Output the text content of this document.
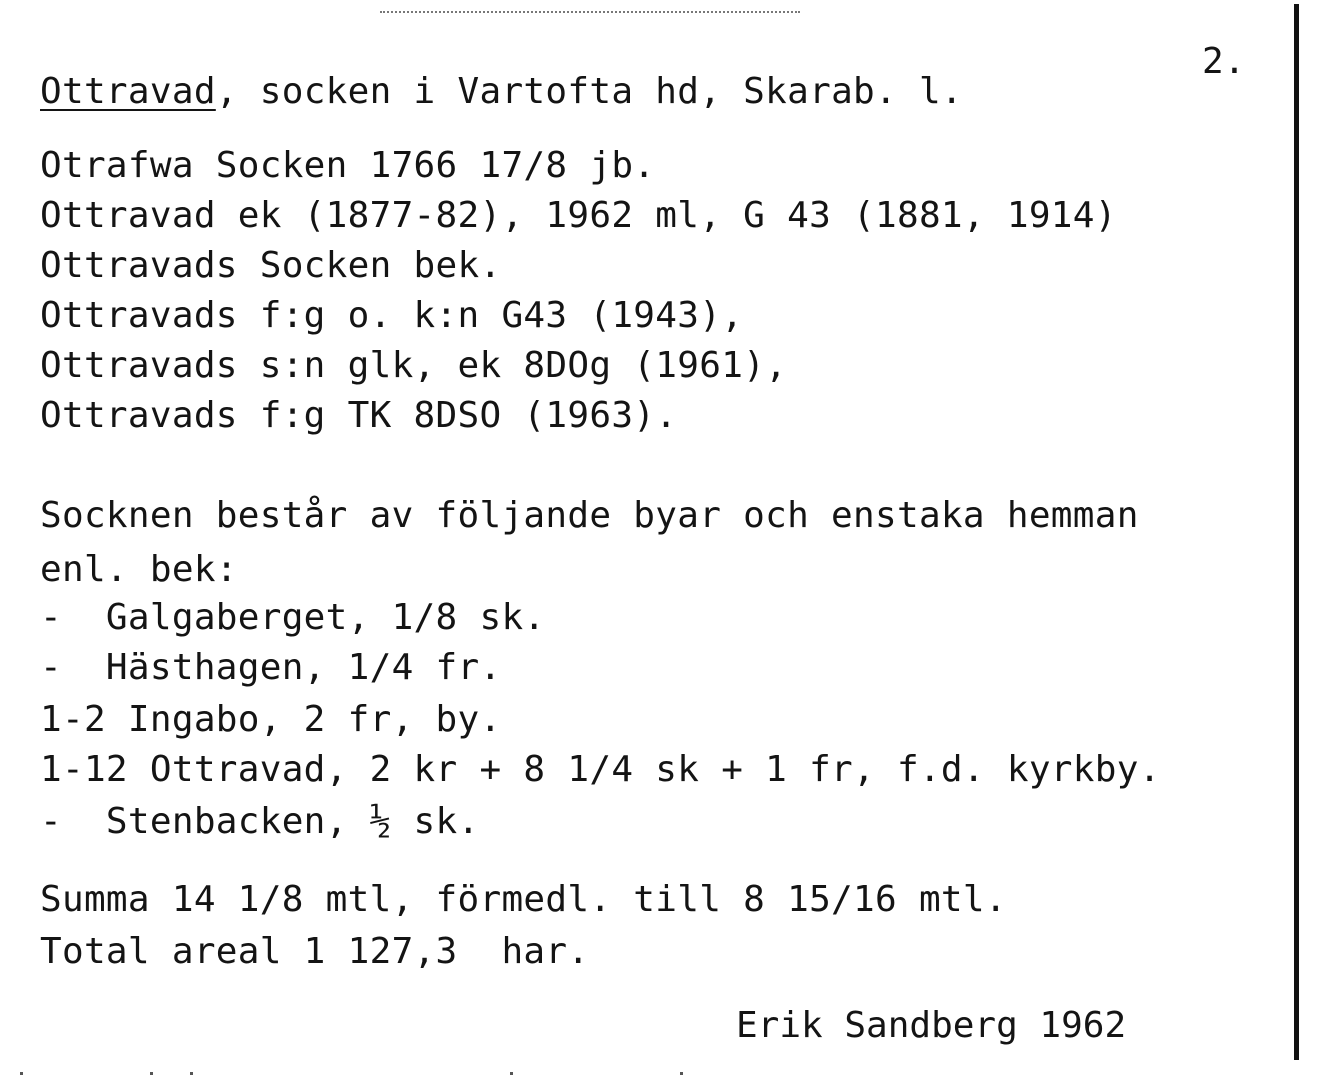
2.
Ottravad, socken i Vartofta hd, Skarab. l.
Otrafwa Socken 1766 17/8 jb.
Ottravad ek (1877-82), 1962 ml, G 43 (1881, 1914)
Ottravads Socken bek.
Ottravads f:g o. k:n G43 (1943),
Ottravads s:n glk, ek 8DOg (1961),
Ottravads f:g TK 8DSO (1963).
Socknen består av följande byar och enstaka hemman
enl. bek:
-  Galgaberget, 1/8 sk.
-  Hästhagen, 1/4 fr.
1-2 Ingabo, 2 fr, by.
1-12 Ottravad, 2 kr + 8 1/4 sk + 1 fr, f.d. kyrkby.
-  Stenbacken, ½ sk.
Summa 14 1/8 mtl, förmedl. till 8 15/16 mtl.
Total areal 1 127,3  har.
Erik Sandberg 1962
